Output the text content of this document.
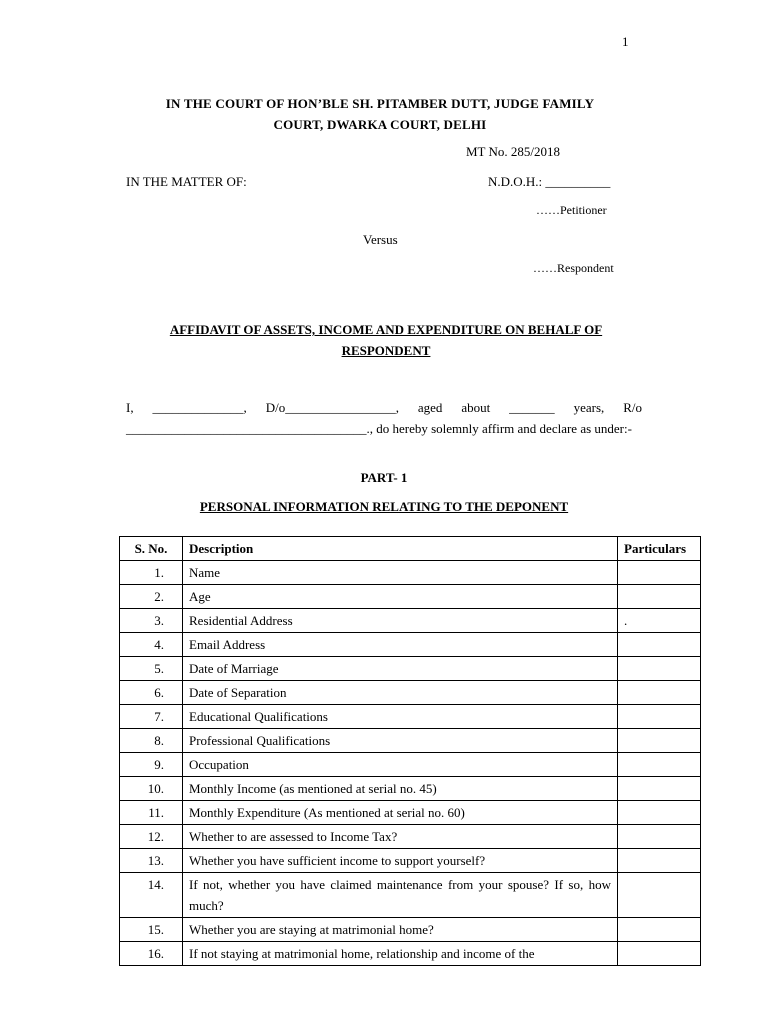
1
IN THE COURT OF HON’BLE SH. PITAMBER DUTT, JUDGE FAMILY
COURT, DWARKA COURT, DELHI
MT No. 285/2018
IN THE MATTER OF:	N.D.O.H.: __________
……Petitioner
Versus
……Respondent
AFFIDAVIT OF ASSETS, INCOME AND EXPENDITURE ON BEHALF OF
RESPONDENT
I, ______________, D/o_________________, aged about _______ years, R/o _____________________________________., do hereby solemnly affirm and declare as under:-
PART- 1
PERSONAL INFORMATION RELATING TO THE DEPONENT
S. No.	Description	Particulars
1.	Name	
2.	Age	
3.	Residential Address	.
4.	Email Address	
5.	Date of Marriage	
6.	Date of Separation	
7.	Educational Qualifications	
8.	Professional Qualifications	
9.	Occupation	
10.	Monthly Income (as mentioned at serial no. 45)	
11.	Monthly Expenditure (As mentioned at serial no. 60)	
12.	Whether to are assessed to Income Tax?	
13.	Whether you have sufficient income to support yourself?	
14.	If not, whether you have claimed maintenance from your spouse? If so, how much?	
15.	Whether you are staying at matrimonial home?	
16.	If not staying at matrimonial home, relationship and income of the	
